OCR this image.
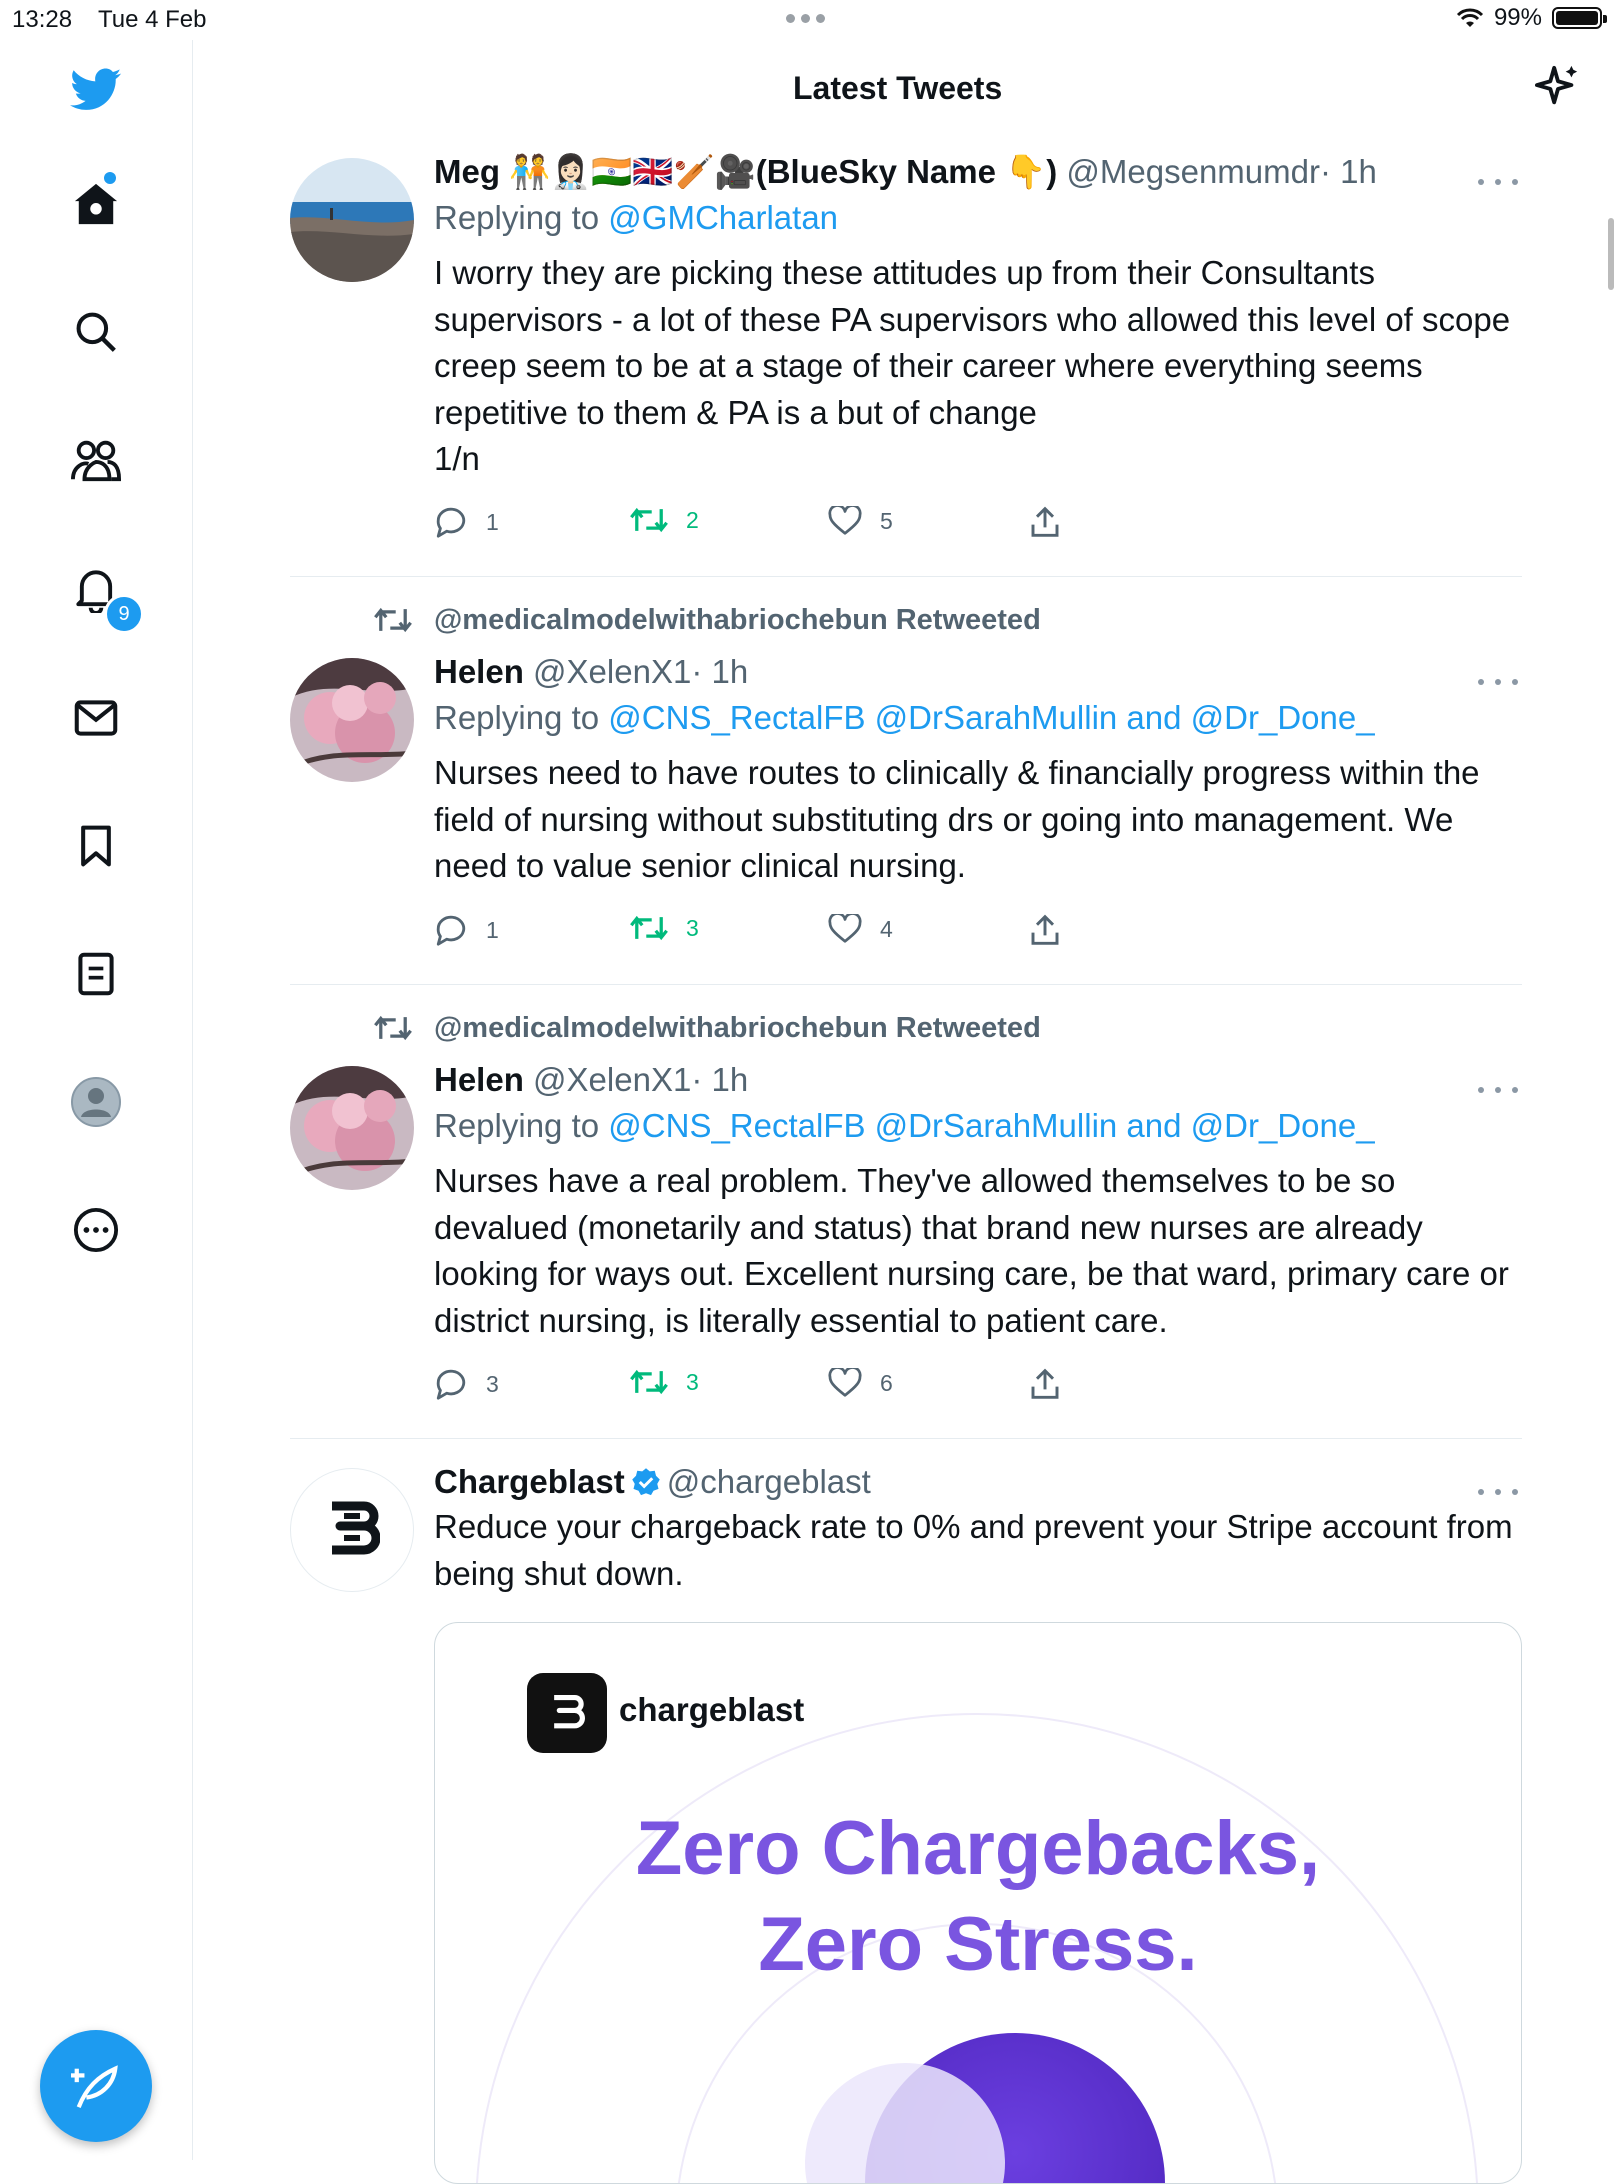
13:28 Tue 4 Feb	99%
9
Latest Tweets
Meg 🧑‍🤝‍🧑👩🏻‍⚕️🇮🇳🇬🇧🏏🎥(BlueSky Name 👇) @Megsenmumdr· 1h
Replying to @GMCharlatan
I worry they are picking these attitudes up from their Consultants supervisors - a lot of these PA supervisors who allowed this level of scope creep seem to be at a stage of their career where everything seems repetitive to them & PA is a but of change
1/n
1	2	5
@medicalmodelwithabriochebun Retweeted
Helen @XelenX1· 1h
Replying to @CNS_RectalFB @DrSarahMullin and @Dr_Done_
Nurses need to have routes to clinically & financially progress within the field of nursing without substituting drs or going into management. We need to value senior clinical nursing.
1	3	4
@medicalmodelwithabriochebun Retweeted
Helen @XelenX1· 1h
Replying to @CNS_RectalFB @DrSarahMullin and @Dr_Done_
Nurses have a real problem. They've allowed themselves to be so devalued (monetarily and status) that brand new nurses are already looking for ways out. Excellent nursing care, be that ward, primary care or district nursing, is literally essential to patient care.
3	3	6
Chargeblast @chargeblast
Reduce your chargeback rate to 0% and prevent your Stripe account from being shut down.
chargeblast
Zero Chargebacks,
Zero Stress.
